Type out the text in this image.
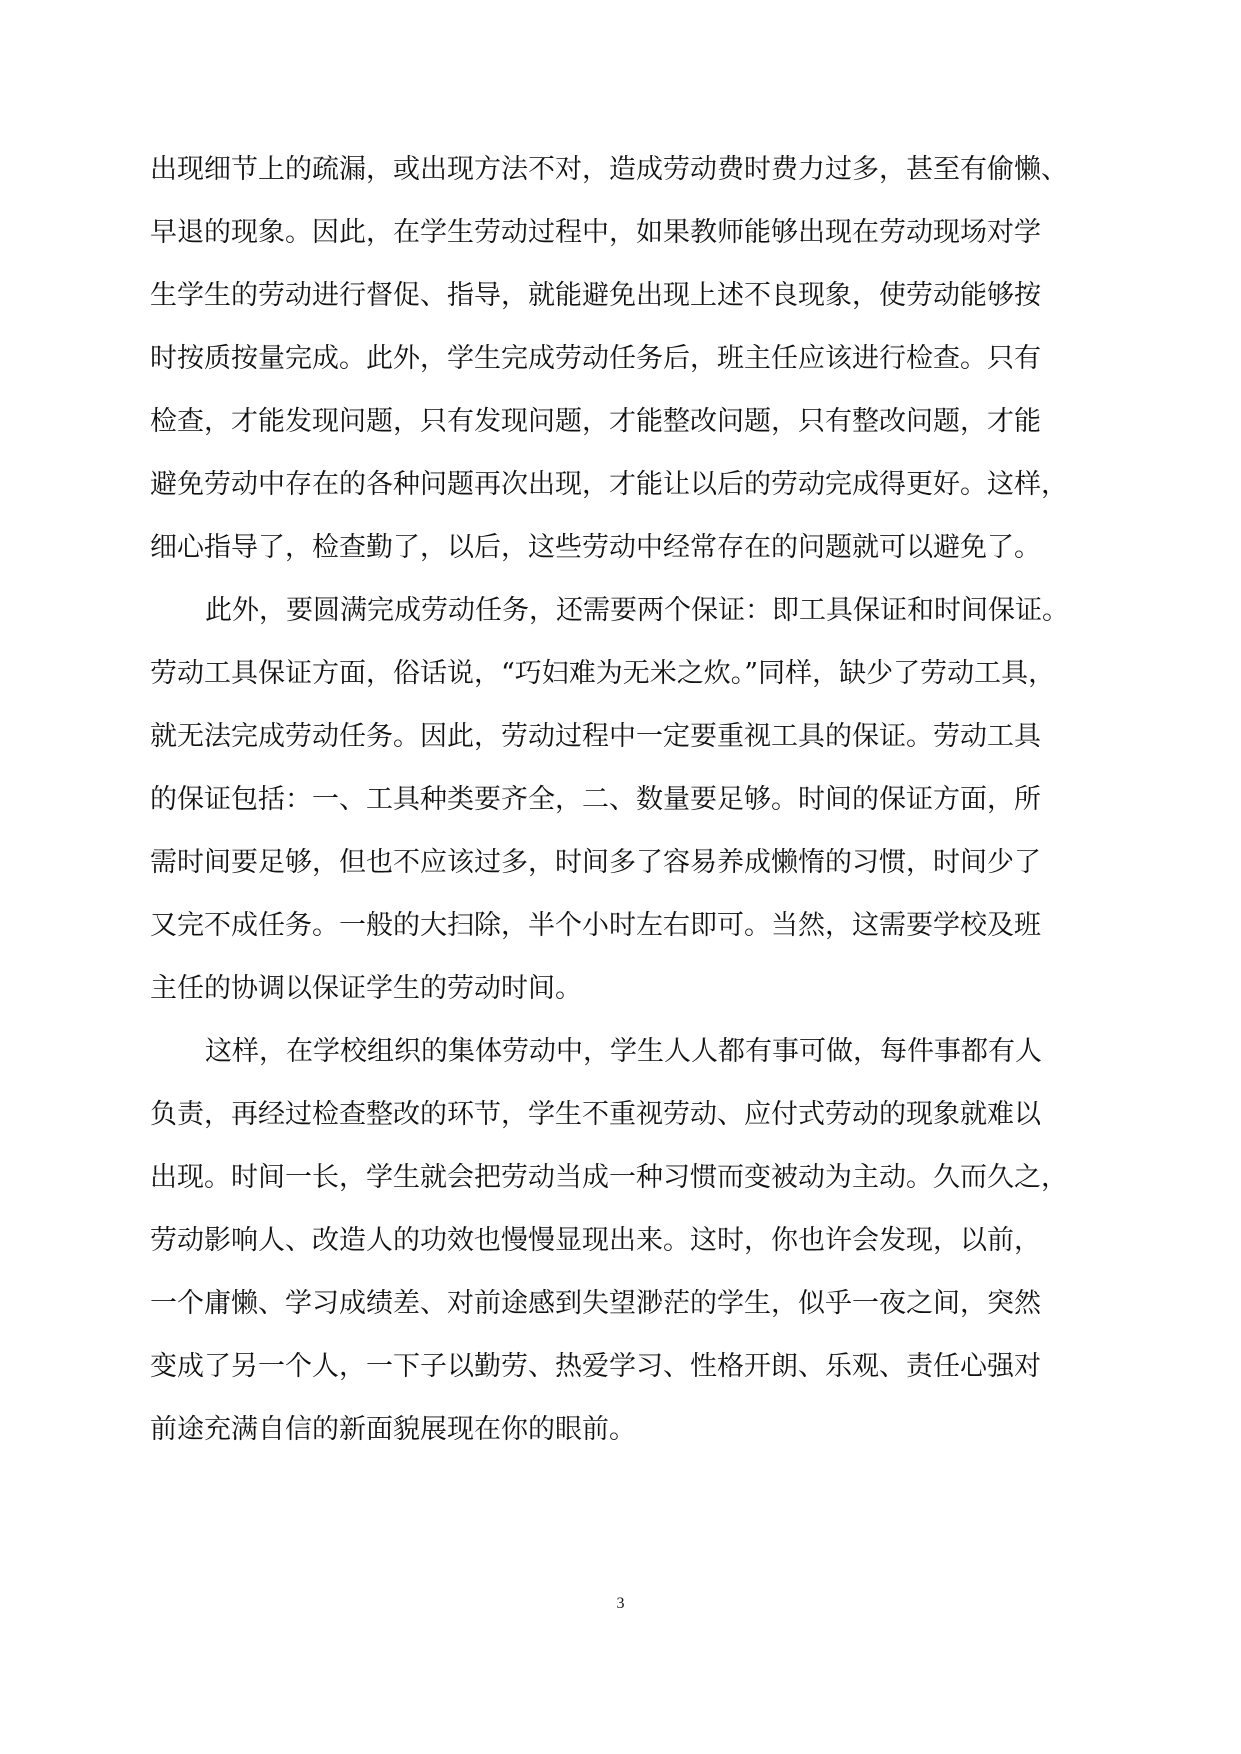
出现细节上的疏漏，或出现方法不对，造成劳动费时费力过多，甚至有偷懒、
早退的现象。因此，在学生劳动过程中，如果教师能够出现在劳动现场对学
生学生的劳动进行督促、指导，就能避免出现上述不良现象，使劳动能够按
时按质按量完成。此外，学生完成劳动任务后，班主任应该进行检查。只有
检查，才能发现问题，只有发现问题，才能整改问题，只有整改问题，才能
避免劳动中存在的各种问题再次出现，才能让以后的劳动完成得更好。这样，
细心指导了，检查勤了，以后，这些劳动中经常存在的问题就可以避免了。
此外，要圆满完成劳动任务，还需要两个保证：即工具保证和时间保证。
劳动工具保证方面，俗话说，“巧妇难为无米之炊。”同样，缺少了劳动工具，
就无法完成劳动任务。因此，劳动过程中一定要重视工具的保证。劳动工具
的保证包括：一、工具种类要齐全，二、数量要足够。时间的保证方面，所
需时间要足够，但也不应该过多，时间多了容易养成懒惰的习惯，时间少了
又完不成任务。一般的大扫除，半个小时左右即可。当然，这需要学校及班
主任的协调以保证学生的劳动时间。
这样，在学校组织的集体劳动中，学生人人都有事可做，每件事都有人
负责，再经过检查整改的环节，学生不重视劳动、应付式劳动的现象就难以
出现。时间一长，学生就会把劳动当成一种习惯而变被动为主动。久而久之，
劳动影响人、改造人的功效也慢慢显现出来。这时，你也许会发现，以前，
一个庸懒、学习成绩差、对前途感到失望渺茫的学生，似乎一夜之间，突然
变成了另一个人，一下子以勤劳、热爱学习、性格开朗、乐观、责任心强对
前途充满自信的新面貌展现在你的眼前。
3
